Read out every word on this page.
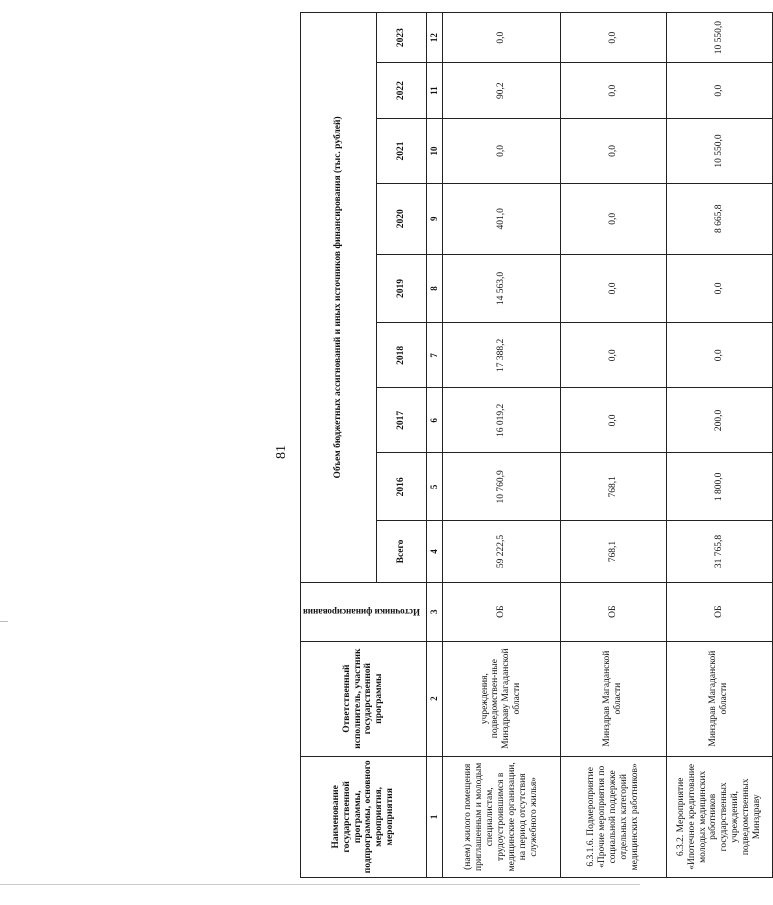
81
Наименование государственной программы, подпрограммы, основного мероприятия, мероприятия	Ответственный исполнитель, участник государственной программы	Источники финансирования	Объем бюджетных ассигнований и иных источников финансирования (тыс. рублей)								
			Всего	2016	2017	2018	2019	2020	2021	2022	2023
1	2	3	4	5	6	7	8	9	10	11	12
(наем) жилого помещения приглашенным и молодым специалистам, трудоустроившимся в медицинские организации, на период отсутствия служебного жилья»	учреждения, подведомствен-ные Минздраву Магаданской области	ОБ	59 222,5	10 760,9	16 019,2	17 388,2	14 563,0	401,0	0,0	90,2	0,0
6.3.1.6. Подмероприятие «Прочие мероприятия по социальной поддержке отдельных категорий медицинских работников»	Минздрав Магаданской области	ОБ	768,1	768,1	0,0	0,0	0,0	0,0	0,0	0,0	0,0
6.3.2. Мероприятие «Ипотечное кредитование молодых медицинских работников государственных учреждений, подведомственных Минздраву	Минздрав Магаданской области	ОБ	31 765,8	1 800,0	200,0	0,0	0,0	8 665,8	10 550,0	0,0	10 550,0
